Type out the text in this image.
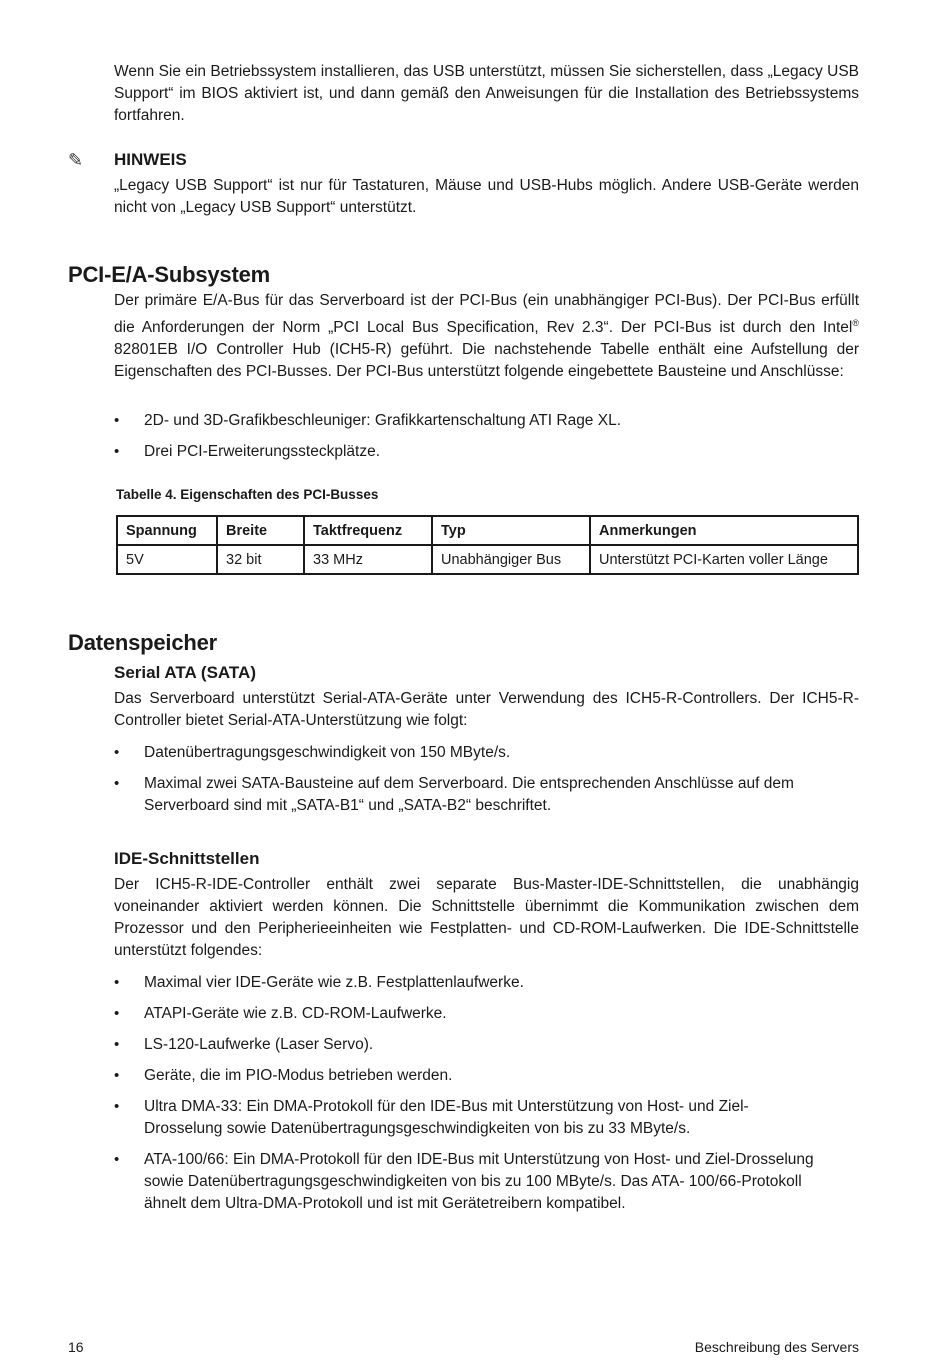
Wenn Sie ein Betriebssystem installieren, das USB unterstützt, müssen Sie sicherstellen, dass „Legacy USB Support“ im BIOS aktiviert ist, und dann gemäß den Anweisungen für die Installation des Betriebssystems fortfahren.

✎ HINWEIS

„Legacy USB Support“ ist nur für Tastaturen, Mäuse und USB-Hubs möglich. Andere USB-Geräte werden nicht von „Legacy USB Support“ unterstützt.

PCI-E/A-Subsystem

Der primäre E/A-Bus für das Serverboard ist der PCI-Bus (ein unabhängiger PCI-Bus). Der PCI-Bus erfüllt die Anforderungen der Norm „PCI Local Bus Specification, Rev 2.3“. Der PCI-Bus ist durch den Intel® 82801EB I/O Controller Hub (ICH5-R) geführt. Die nachstehende Tabelle enthält eine Aufstellung der Eigenschaften des PCI-Busses. Der PCI-Bus unterstützt folgende eingebettete Bausteine und Anschlüsse:

• 2D- und 3D-Grafikbeschleuniger: Grafikkartenschaltung ATI Rage XL.
• Drei PCI-Erweiterungssteckplätze.

Tabelle 4. Eigenschaften des PCI-Busses

Spannung	Breite	Taktfrequenz	Typ	Anmerkungen
5V	32 bit	33 MHz	Unabhängiger Bus	Unterstützt PCI-Karten voller Länge
Datenspeicher
Serial ATA (SATA)

Das Serverboard unterstützt Serial-ATA-Geräte unter Verwendung des ICH5-R-Controllers. Der ICH5-R-Controller bietet Serial-ATA-Unterstützung wie folgt:

• Datenübertragungsgeschwindigkeit von 150 MByte/s.
• Maximal zwei SATA-Bausteine auf dem Serverboard. Die entsprechenden Anschlüsse auf dem Serverboard sind mit „SATA-B1“ und „SATA-B2“ beschriftet.
IDE-Schnittstellen

Der ICH5-R-IDE-Controller enthält zwei separate Bus-Master-IDE-Schnittstellen, die unabhängig voneinander aktiviert werden können. Die Schnittstelle übernimmt die Kommunikation zwischen dem Prozessor und den Peripherieeinheiten wie Festplatten- und CD-ROM-Laufwerken. Die IDE-Schnittstelle unterstützt folgendes:

• Maximal vier IDE-Geräte wie z.B. Festplattenlaufwerke.
• ATAPI-Geräte wie z.B. CD-ROM-Laufwerke.
• LS-120-Laufwerke (Laser Servo).
• Geräte, die im PIO-Modus betrieben werden.
• Ultra DMA-33: Ein DMA-Protokoll für den IDE-Bus mit Unterstützung von Host- und Ziel-Drosselung sowie Datenübertragungsgeschwindigkeiten von bis zu 33 MByte/s.
• ATA-100/66: Ein DMA-Protokoll für den IDE-Bus mit Unterstützung von Host- und Ziel-Drosselung sowie Datenübertragungsgeschwindigkeiten von bis zu 100 MByte/s. Das ATA- 100/66-Protokoll ähnelt dem Ultra-DMA-Protokoll und ist mit Gerätetreibern kompatibel.
16	Beschreibung des Servers
